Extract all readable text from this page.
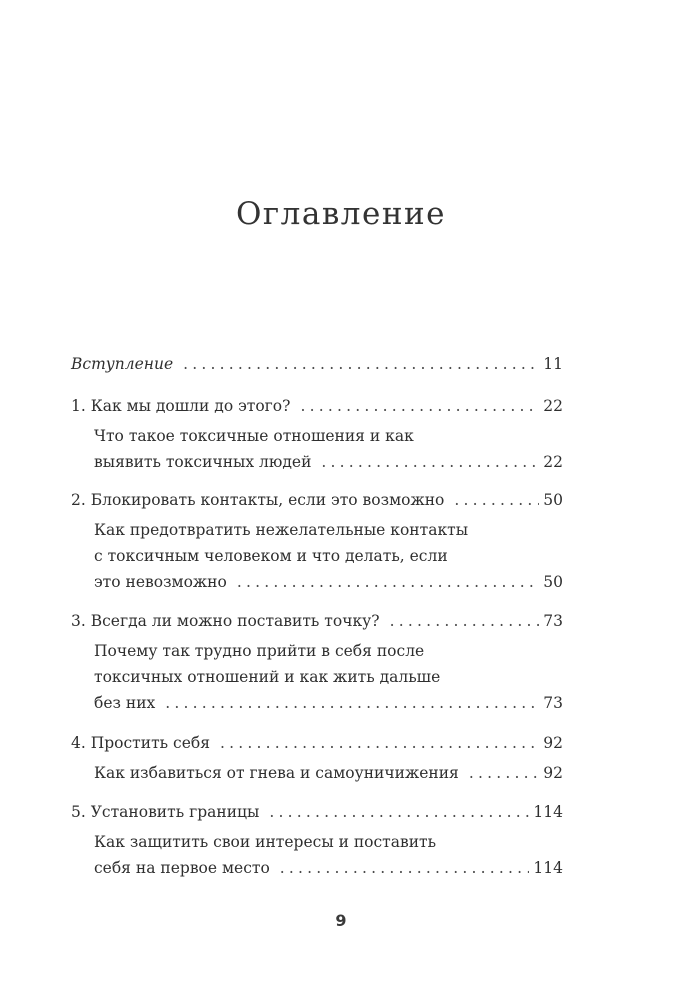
Оглавление
Вступление .....	11
1. Как мы дошли до этого? .....	22
Что такое токсичные отношения и как
выявить токсичных людей .....	22
2. Блокировать контакты, если это возможно .....	50
Как предотвратить нежелательные контакты
с токсичным человеком и что делать, если
это невозможно .....	50
3. Всегда ли можно поставить точку? .....	73
Почему так трудно прийти в себя после
токсичных отношений и как жить дальше
без них .....	73
4. Простить себя .....	92
Как избавиться от гнева и самоуничижения .....	92
5. Установить границы .....	114
Как защитить свои интересы и поставить
себя на первое место .....	114
9
